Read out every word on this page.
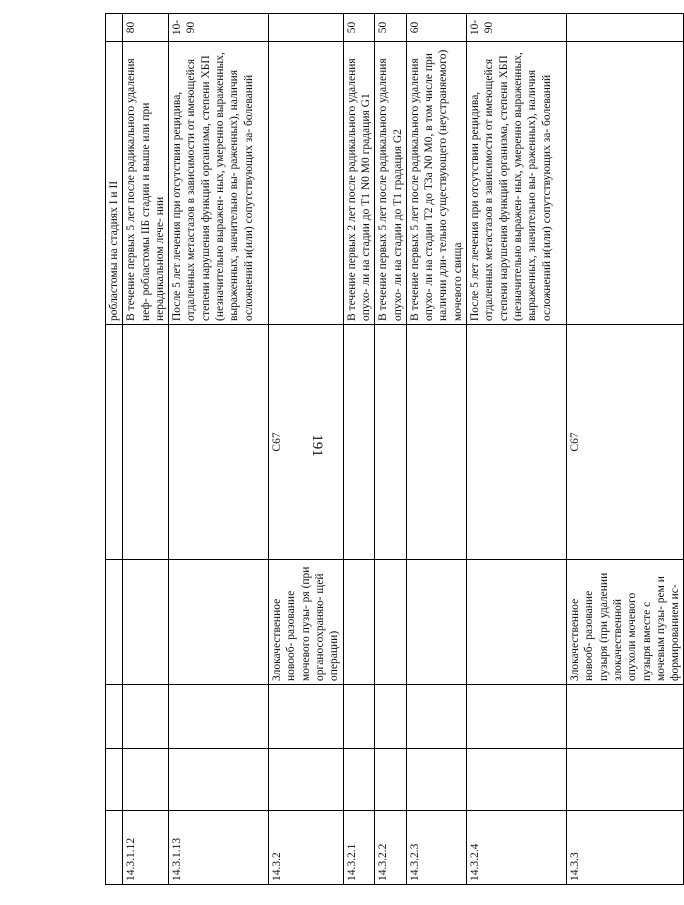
191
					робластомы на стадиях I и II	
14.3.1.12					В течение первых 5 лет после радикального удаления неф- робластомы IIБ стадии и выше или при нерадикальном лече- нии	80
14.3.1.13					После 5 лет лечения при отсутствии рецидива, отдаленных метастазов в зависимости от имеющейся степени нарушения функций организма, степени ХБП (незначительно выражен- ных, умеренно выраженных, выраженных, значительно вы- раженных), наличия осложнений и(или) сопутствующих за- болеваний	10-90
14.3.2			Злокачественное новооб- разование мочевого пузы- ря (при органосохраняю- щей операции)	C67		
14.3.2.1					В течение первых 2 лет после радикального удаления опухо- ли на стадии до T1 N0 M0 градация G1	50
14.3.2.2					В течение первых 5 лет после радикального удаления опухо- ли на стадии до T1 градация G2	50
14.3.2.3					В течение первых 5 лет после радикального удаления опухо- ли на стадии T2 до T3a N0 M0, в том числе при наличии дли- тельно существующего (неустраняемого) мочевого свища	60
14.3.2.4					После 5 лет лечения при отсутствии рецидива, отдаленных метастазов в зависимости от имеющейся степени нарушения функций организма, степени ХБП (незначительно выражен- ных, умеренно выраженных, выраженных, значительно вы- раженных), наличия осложнений и(или) сопутствующих за- болеваний	10-90
14.3.3			Злокачественное новооб- разование пузыря (при удалении злокачественной опухоли мочевого пузыря вместе с мочевым пузы- рем и формированием ис-	C67		
